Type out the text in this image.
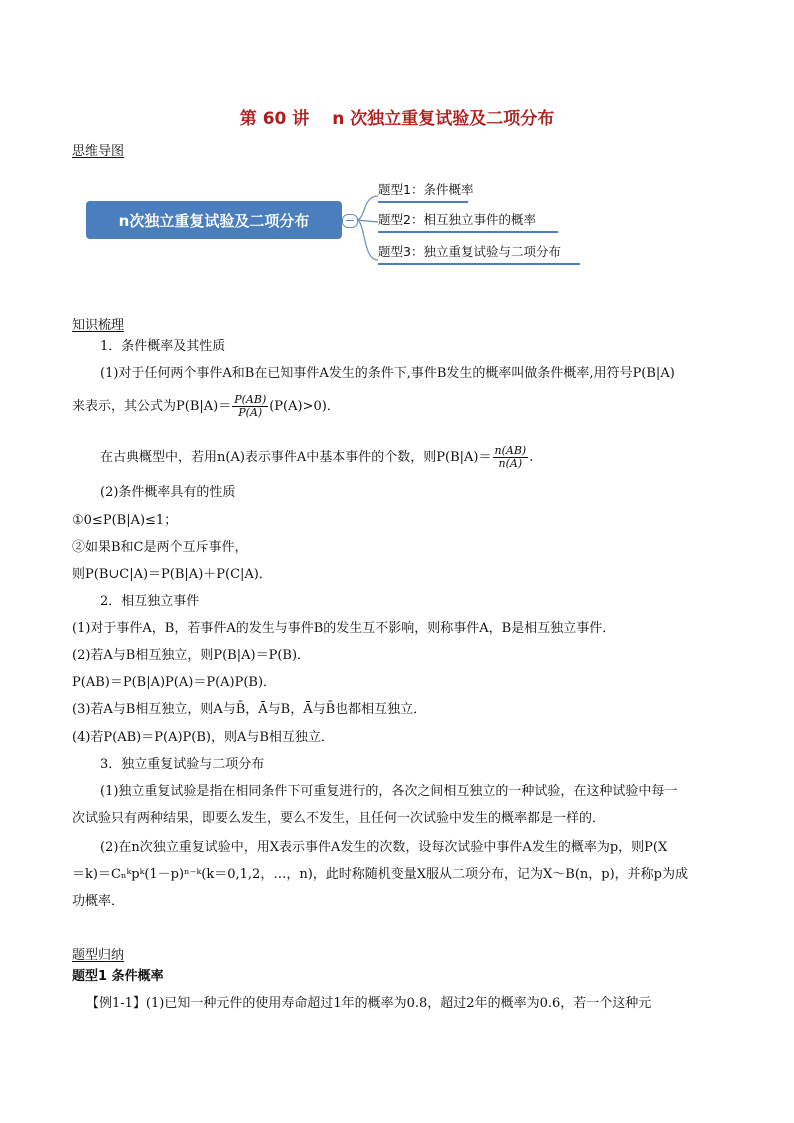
第 60 讲　 n 次独立重复试验及二项分布
思维导图
n次独立重复试验及二项分布
题型1：条件概率
题型2：相互独立事件的概率
题型3：独立重复试验与二项分布
知识梳理
1．条件概率及其性质
(1)对于任何两个事件A和B在已知事件A发生的条件下,事件B发生的概率叫做条件概率,用符号P(B|A)
来表示，其公式为$P(B|A)= \frac{P(AB)}{P(A)} (P(A)>0)$．
在古典概型中，若用n(A)表示事件A中基本事件的个数，则$P(B|A)= \frac{n(AB)}{n(A)}$ .
(2)条件概率具有的性质
①0≤P(B|A)≤1；
②如果B和C是两个互斥事件，
则P(B∪C|A)＝P(B|A)＋P(C|A)．
2．相互独立事件
(1)对于事件A，B，若事件A的发生与事件B的发生互不影响，则称事件A，B是相互独立事件．
(2)若A与B相互独立，则P(B|A)＝P(B)．
P(AB)＝P(B|A)P(A)＝P(A)P(B)．
(3)若A与B相互独立，则A与B̄，Ā与B，Ā与B̄也都相互独立．
(4)若P(AB)＝P(A)P(B)，则A与B相互独立．
3．独立重复试验与二项分布
(1)独立重复试验是指在相同条件下可重复进行的，各次之间相互独立的一种试验，在这种试验中每一
次试验只有两种结果，即要么发生，要么不发生，且任何一次试验中发生的概率都是一样的．
(2)在n次独立重复试验中，用X表示事件A发生的次数，设每次试验中事件A发生的概率为p，则P(X
＝k)＝Cₙᵏpᵏ(1－p)ⁿ⁻ᵏ(k＝0,1,2，…，n)，此时称随机变量X服从二项分布，记为X～B(n，p)，并称p为成
功概率．
题型归纳
题型1 条件概率
【例1-1】(1)已知一种元件的使用寿命超过1年的概率为0.8，超过2年的概率为0.6，若一个这种元
